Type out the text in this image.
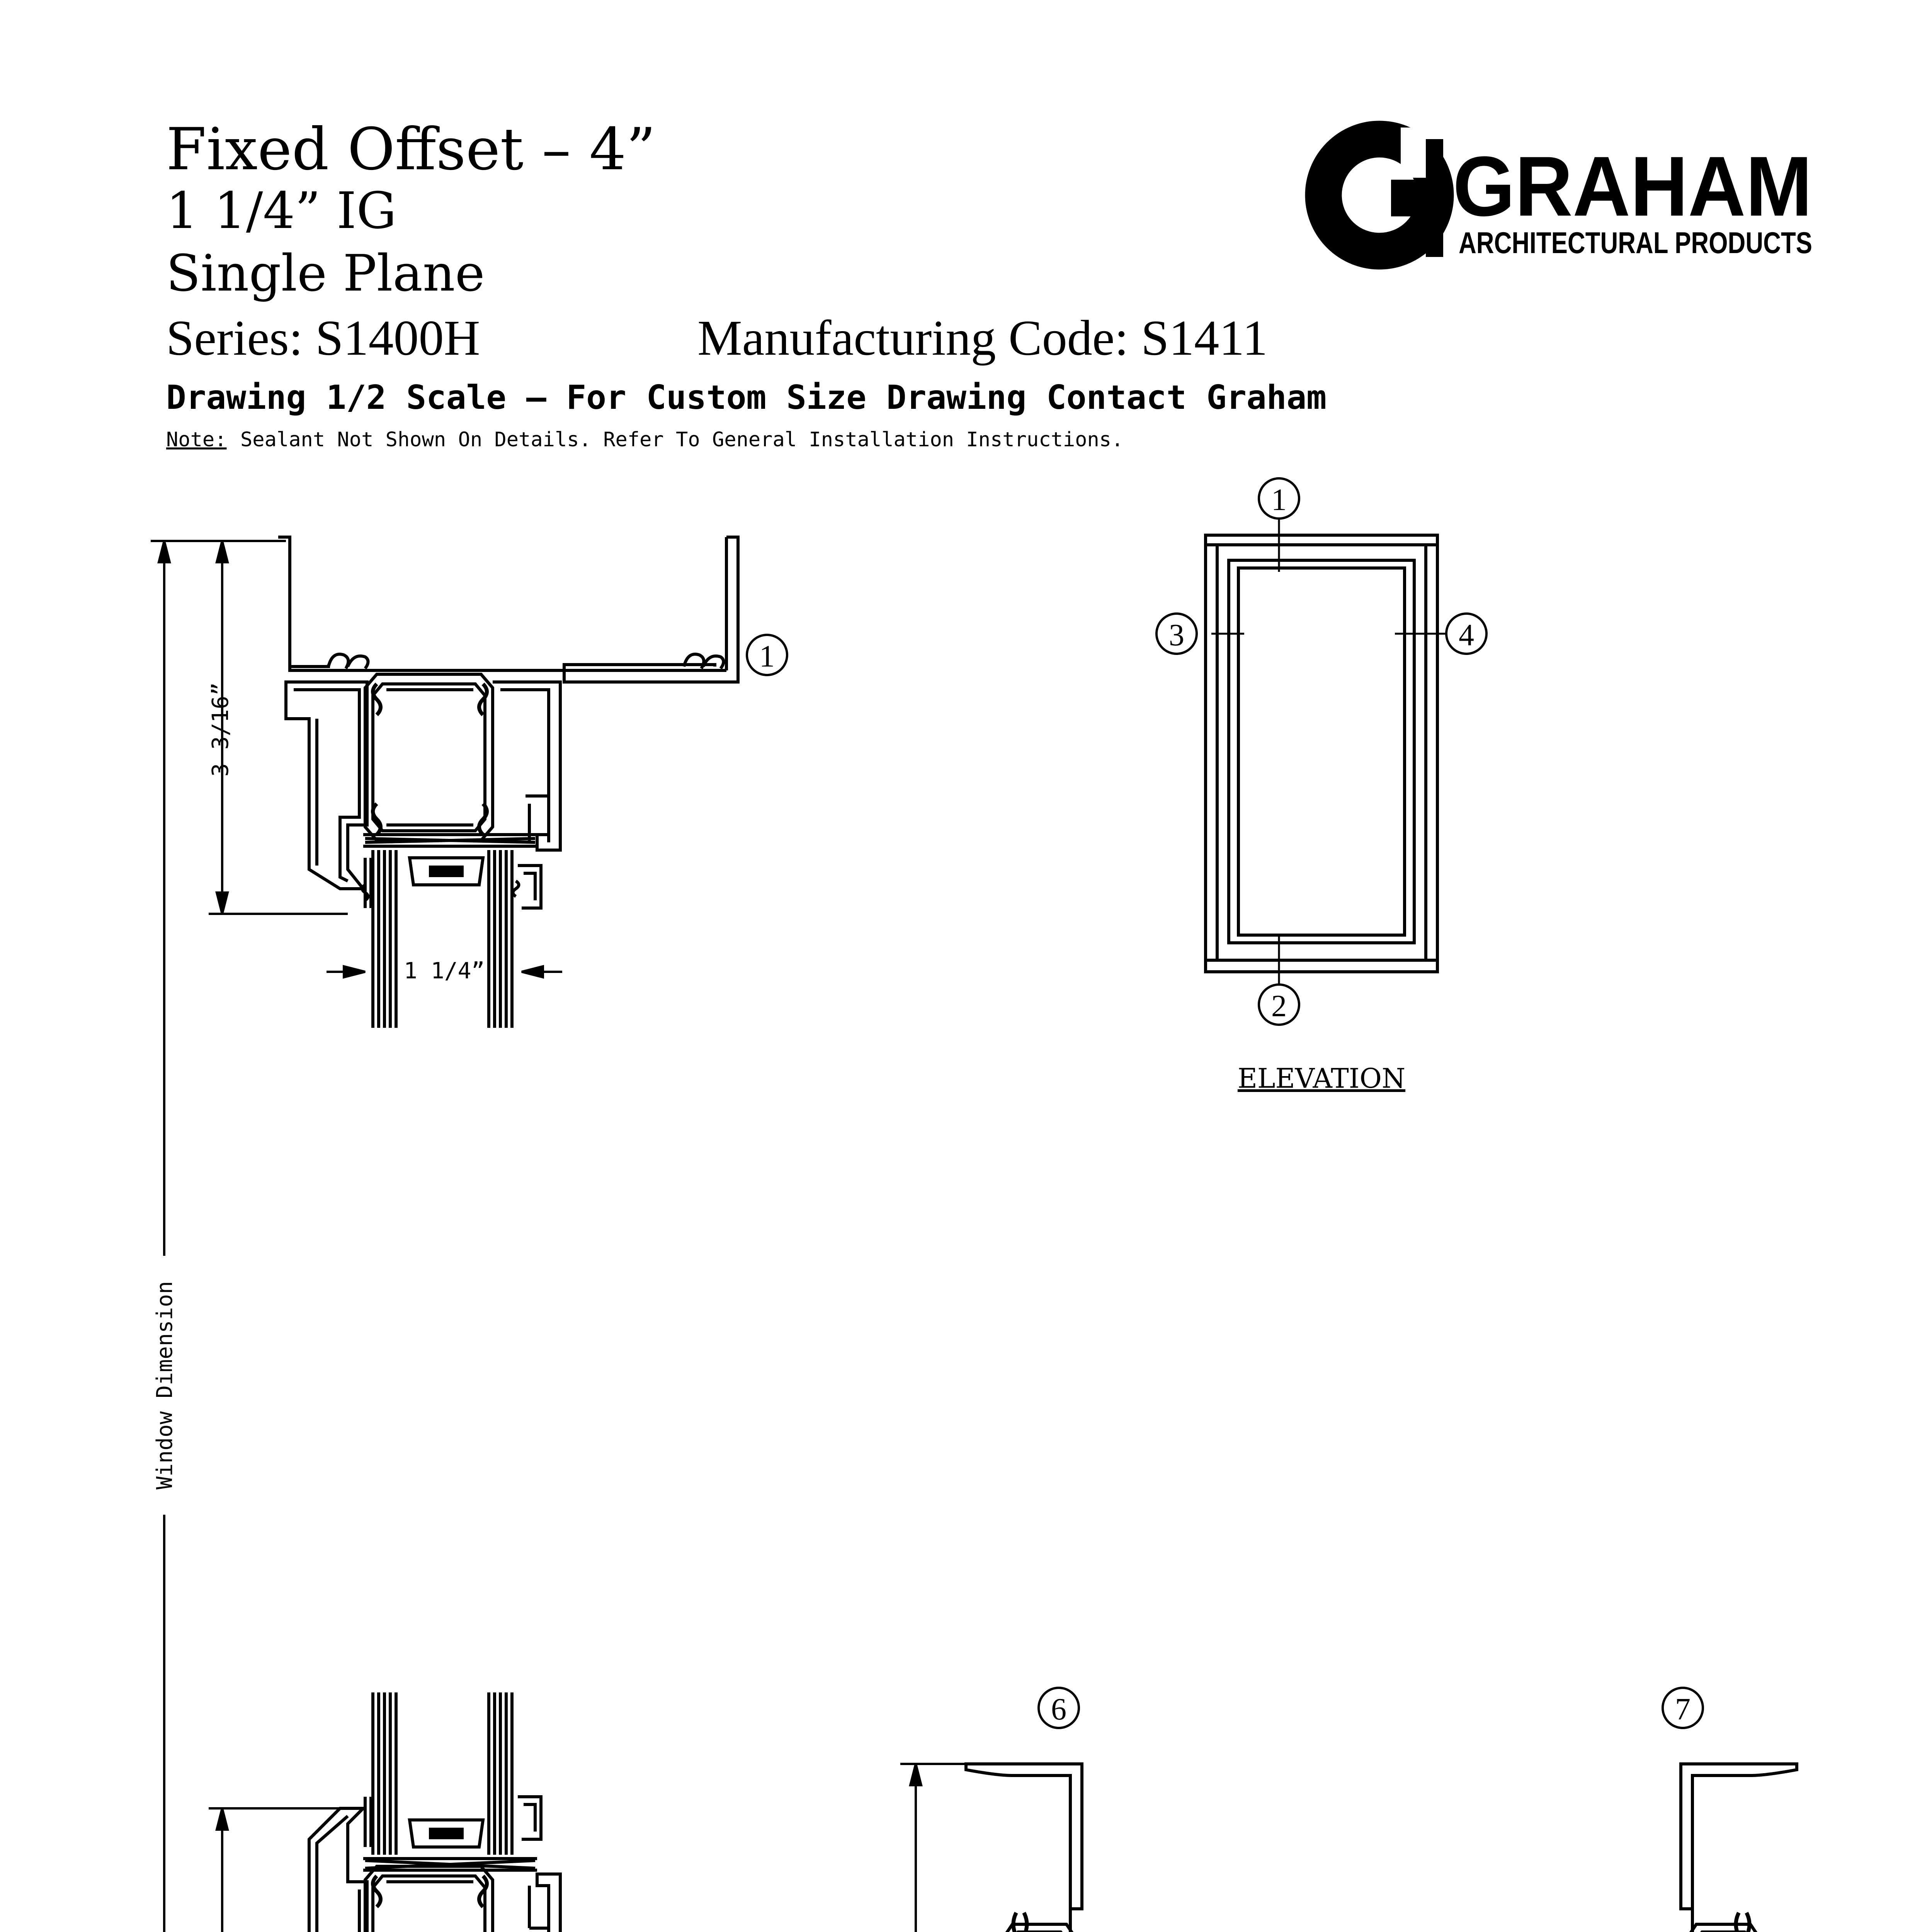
Fixed Offset – 4”
1 1/4” IG
Single Plane
Series: S1400H	Manufacturing Code: S1411
Drawing 1/2 Scale – For Custom Size Drawing Contact Graham
Note: Sealant Not Shown On Details. Refer To General Installation Instructions.
GRAHAM
ARCHITECTURAL PRODUCTS
3 3/16”
1 1/4”
1
Window Dimension
1
3	4
2
ELEVATION
6	7
